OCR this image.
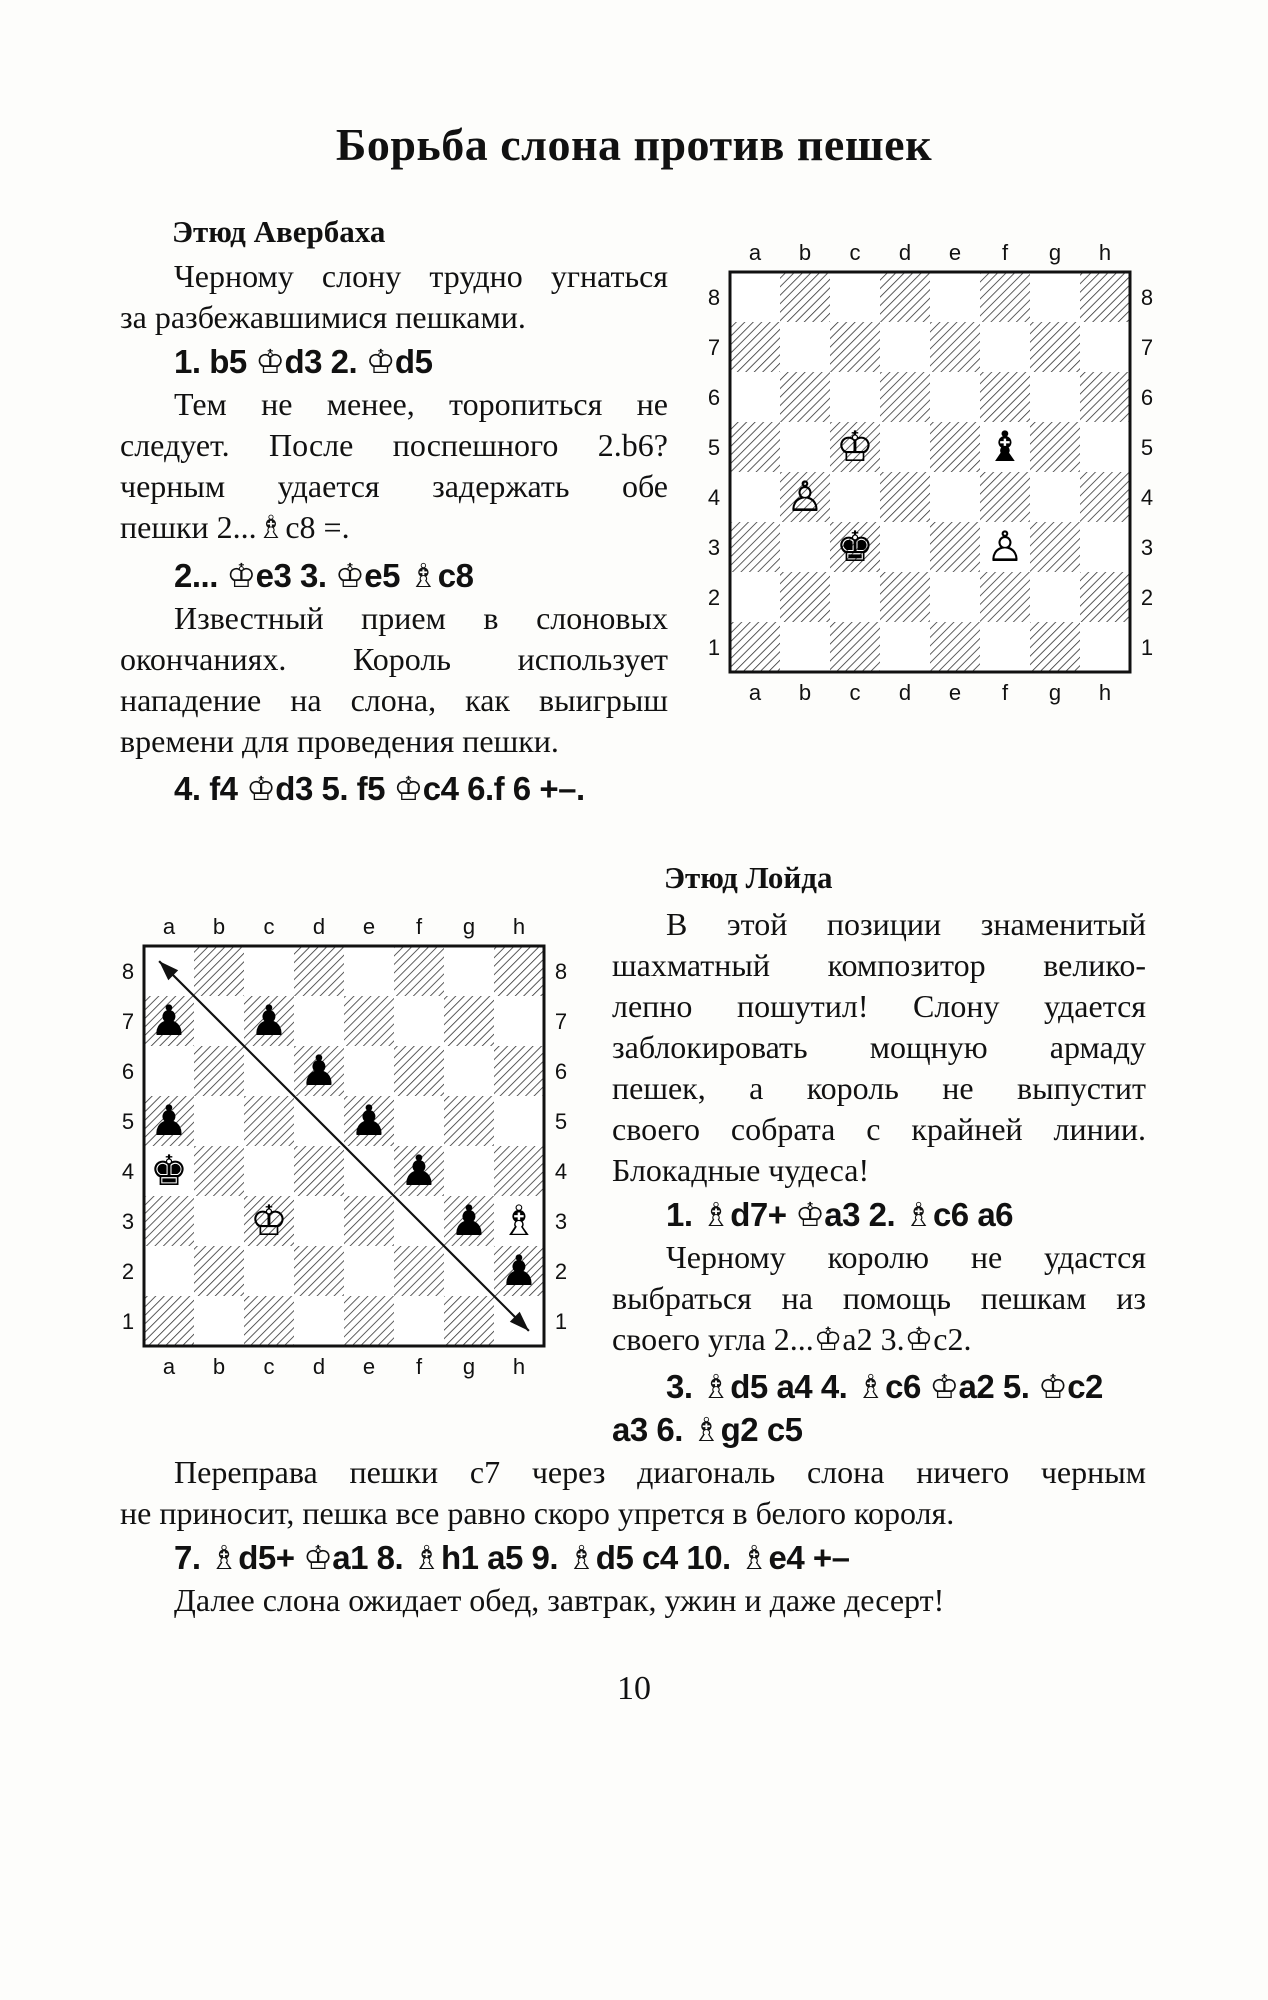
Борьба слона против пешек
Этюд Авербаха
Черному слону трудно угнаться
за разбежавшимися пешками.
1. b5 ♔d3 2. ♔d5
Тем не менее, торопиться не
следует. После поспешного 2.b6?
черным удается задержать обе
пешки 2...♗c8 =.
2... ♔e3 3. ♔e5 ♗c8
Известный прием в слоновых
окончаниях. Король использует
нападение на слона, как выигрыш
времени для проведения пешки.
4. f4 ♔d3 5. f5 ♔c4 6.f 6 +–.
a
a
b
b
c
c
d
d
e
e
f
f
g
g
h
h
8	8
7	7
6	6
5	5
4	4
3	3
2	2
1	1
♔	♝
♙
♚	♙
a
a
b
b
c
c
d
d
e
e
f
f
g
g
h
h
8	8
7	7
6	6
5	5
4	4
3	3
2	2
1	1
♟ ♟
♟
♟	♟
♚	♟
♔	♟ ♗
♟
Этюд Лойда
В этой позиции знаменитый
шахматный композитор велико-
лепно пошутил! Слону удается
заблокировать мощную армаду
пешек, а король не выпустит
своего собрата с крайней линии.
Блокадные чудеса!
1. ♗d7+ ♔a3 2. ♗c6 a6
Черному королю не удастся
выбраться на помощь пешкам из
своего угла 2...♔a2 3.♔c2.
3. ♗d5 a4 4. ♗c6 ♔a2 5. ♔c2
a3 6. ♗g2 c5
Переправа пешки c7 через диагональ слона ничего черным
не приносит, пешка все равно скоро упрется в белого короля.
7. ♗d5+ ♔a1 8. ♗h1 a5 9. ♗d5 c4 10. ♗e4 +–
Далее слона ожидает обед, завтрак, ужин и даже десерт!
10
